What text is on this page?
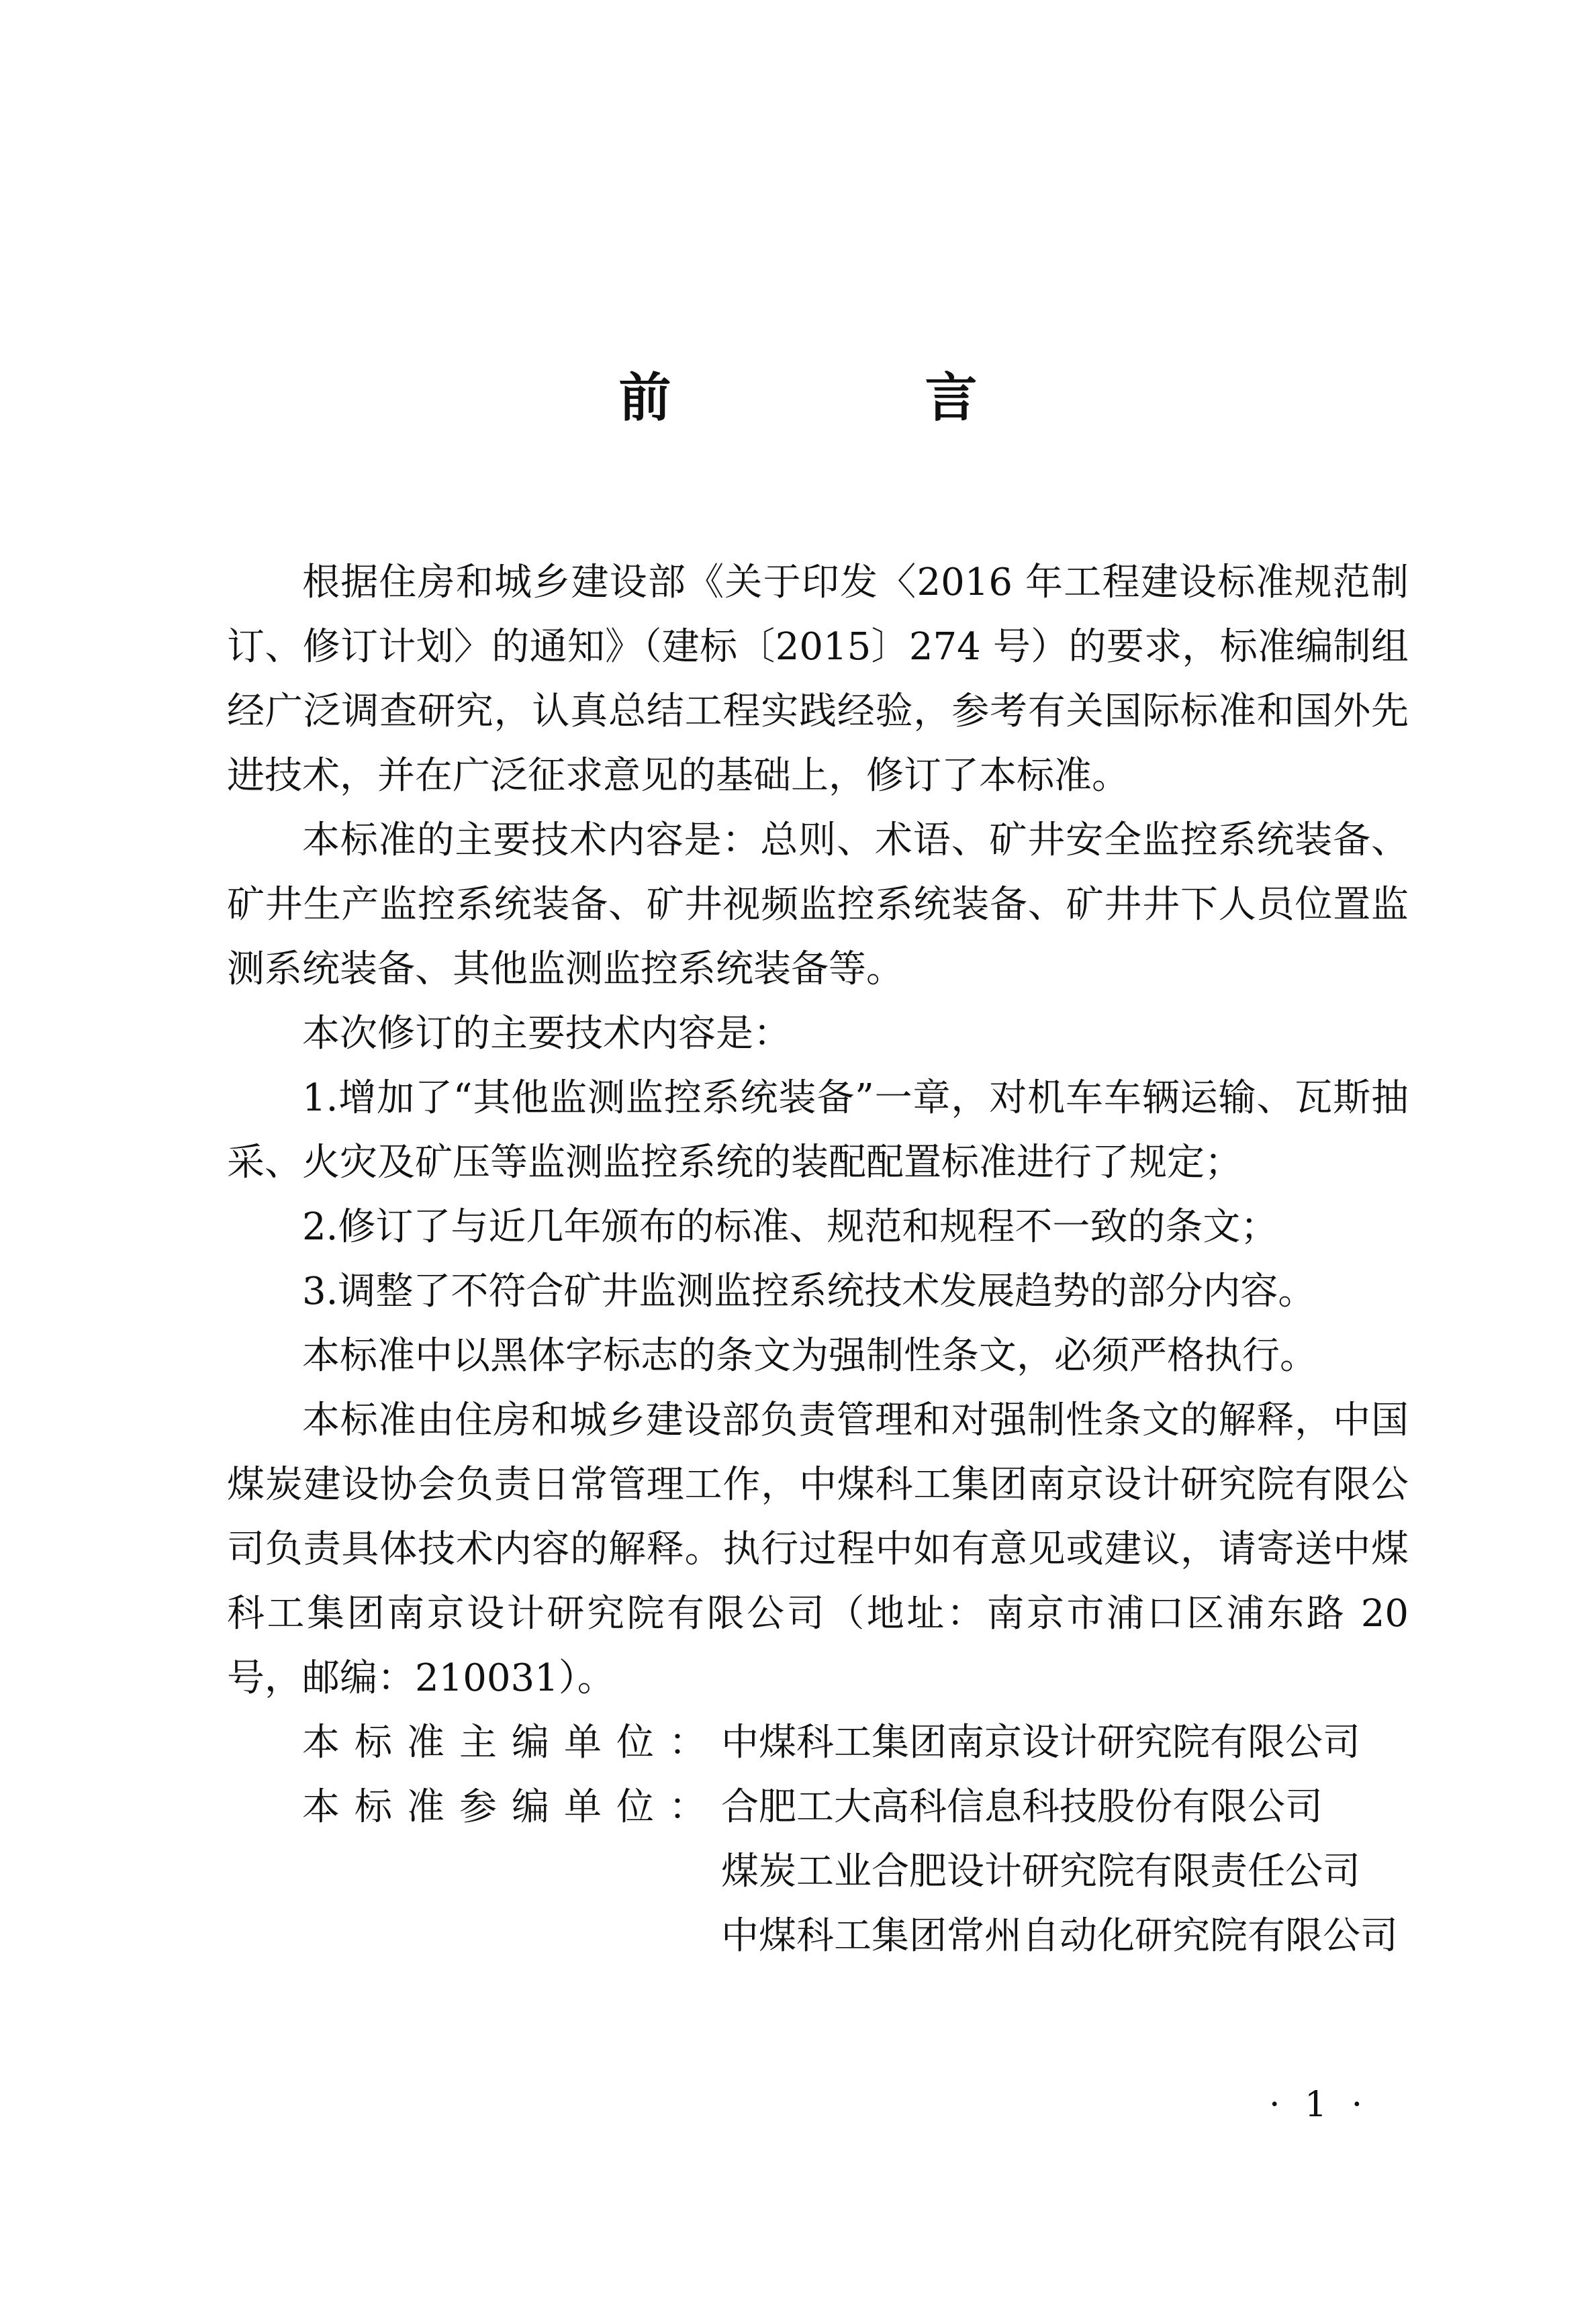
前　言

根据住房和城乡建设部《关于印发〈2016 年工程建设标准规范制订、修订计划〉的通知》（建标〔2015〕274 号）的要求，标准编制组经广泛调查研究，认真总结工程实践经验，参考有关国际标准和国外先进技术，并在广泛征求意见的基础上，修订了本标准。

本标准的主要技术内容是：总则、术语、矿井安全监控系统装备、矿井生产监控系统装备、矿井视频监控系统装备、矿井井下人员位置监测系统装备、其他监测监控系统装备等。

本次修订的主要技术内容是：

1.增加了“其他监测监控系统装备”一章，对机车车辆运输、瓦斯抽采、火灾及矿压等监测监控系统的装配配置标准进行了规定；

2.修订了与近几年颁布的标准、规范和规程不一致的条文；

3.调整了不符合矿井监测监控系统技术发展趋势的部分内容。

本标准中以黑体字标志的条文为强制性条文，必须严格执行。

本标准由住房和城乡建设部负责管理和对强制性条文的解释，中国煤炭建设协会负责日常管理工作，中煤科工集团南京设计研究院有限公司负责具体技术内容的解释。执行过程中如有意见或建议，请寄送中煤科工集团南京设计研究院有限公司（地址：南京市浦口区浦东路 20 号，邮编：210031）。

本标准主编单位： 中煤科工集团南京设计研究院有限公司
本标准参编单位： 合肥工大高科信息科技股份有限公司
煤炭工业合肥设计研究院有限责任公司
中煤科工集团常州自动化研究院有限公司
· 1 ·
